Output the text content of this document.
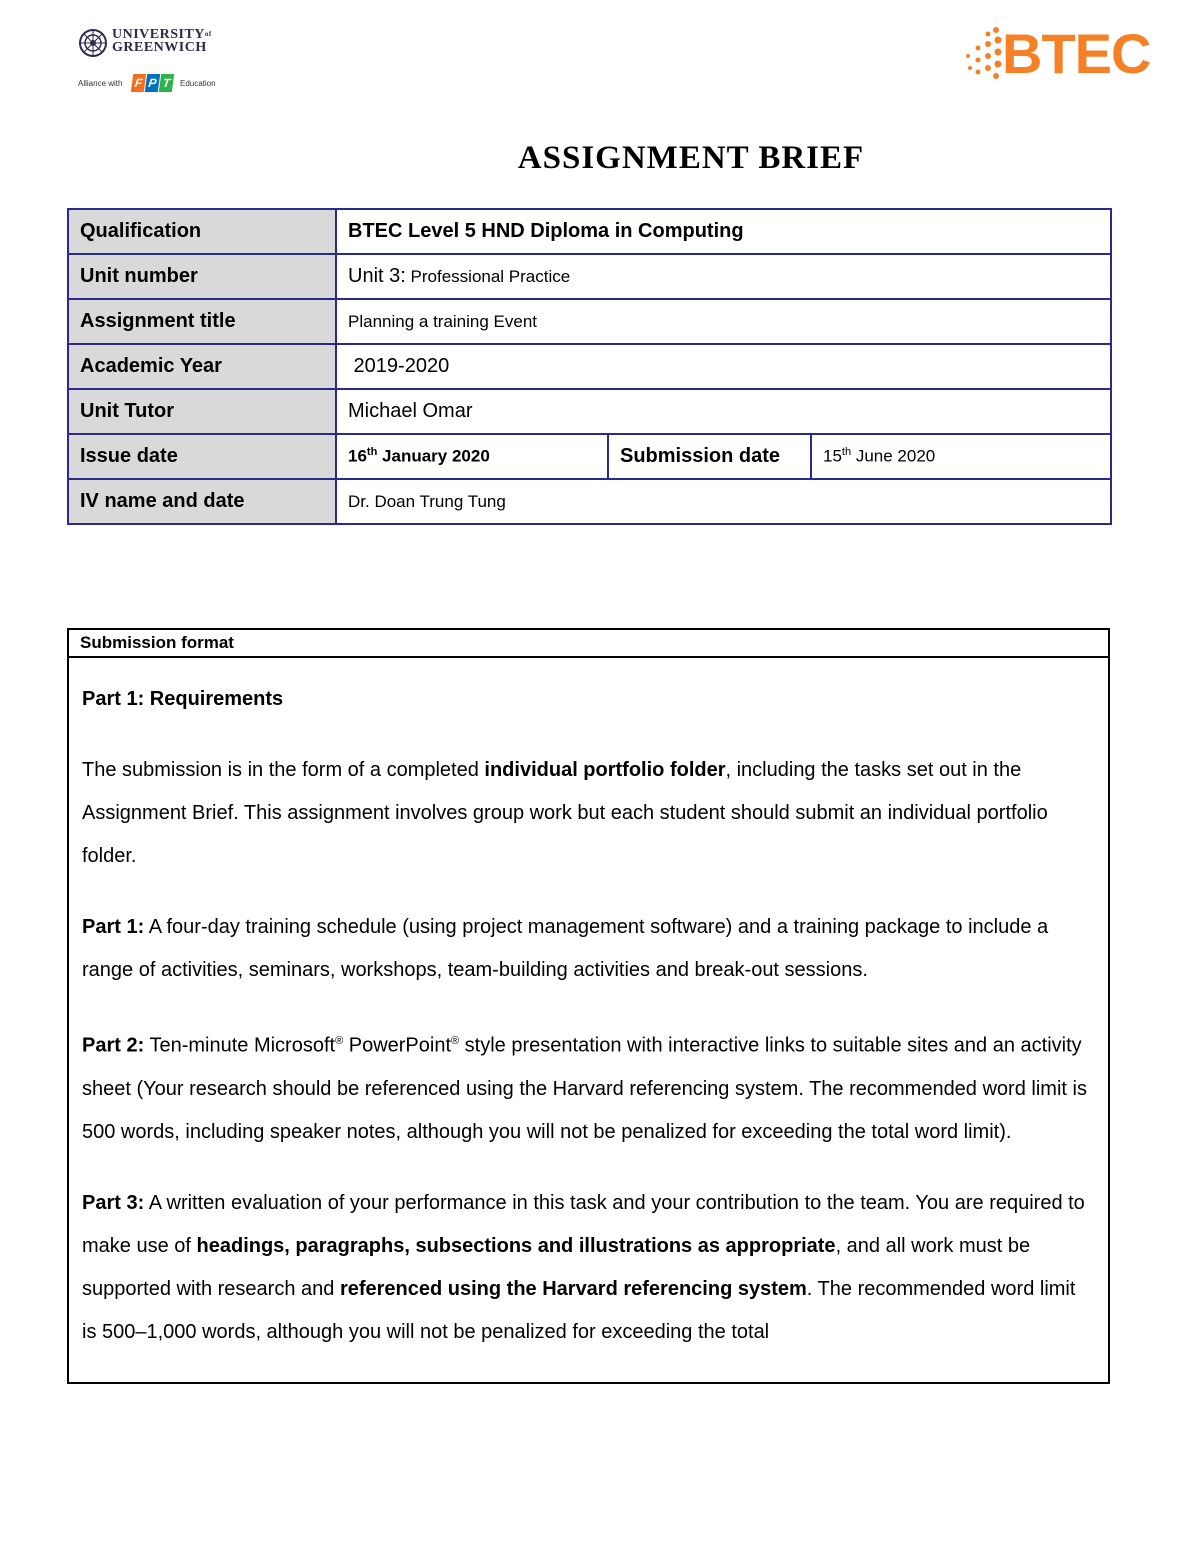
$UNIVERSITY^{of}$
GREENWICH
Alliance with F P T	Education	BTEC
ASSIGNMENT BRIEF
Qualification	BTEC Level 5 HND Diploma in Computing		
Unit number	Unit 3: Professional Practice		
Assignment title	Planning a training Event		
Academic Year	2019-2020		
Unit Tutor	Michael Omar		
Issue date	16th January 2020	Submission date	15th June 2020
IV name and date	Dr. Doan Trung Tung		
Submission format

Part 1: Requirements

The submission is in the form of a completed individual portfolio folder, including the tasks set out in the Assignment Brief. This assignment involves group work but each student should submit an individual portfolio folder.

Part 1: A four-day training schedule (using project management software) and a training package to include a range of activities, seminars, workshops, team-building activities and break-out sessions.

Part 2: Ten-minute Microsoft® PowerPoint® style presentation with interactive links to suitable sites and an activity sheet (Your research should be referenced using the Harvard referencing system. The recommended word limit is 500 words, including speaker notes, although you will not be penalized for exceeding the total word limit).

Part 3: A written evaluation of your performance in this task and your contribution to the team. You are required to make use of headings, paragraphs, subsections and illustrations as appropriate, and all work must be supported with research and referenced using the Harvard referencing system. The recommended word limit is 500–1,000 words, although you will not be penalized for exceeding the total
